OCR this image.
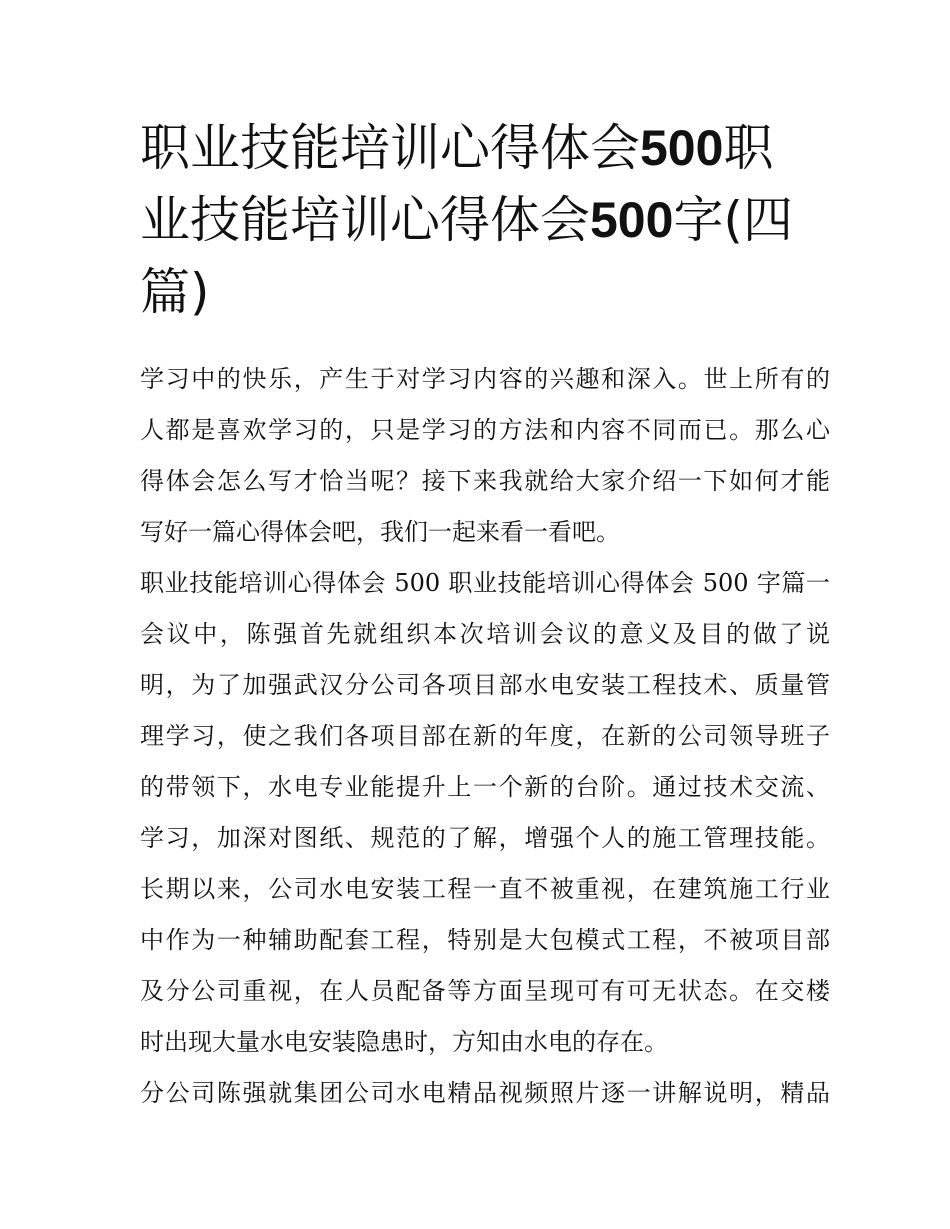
职业技能培训心得体会500职业技能培训心得体会500字(四篇)

学习中的快乐，产生于对学习内容的兴趣和深入。世上所有的

人都是喜欢学习的，只是学习的方法和内容不同而已。那么心

得体会怎么写才恰当呢？接下来我就给大家介绍一下如何才能

写好一篇心得体会吧，我们一起来看一看吧。

职业技能培训心得体会 500 职业技能培训心得体会 500 字篇一

会议中，陈强首先就组织本次培训会议的意义及目的做了说

明，为了加强武汉分公司各项目部水电安装工程技术、质量管

理学习，使之我们各项目部在新的年度，在新的公司领导班子

的带领下，水电专业能提升上一个新的台阶。通过技术交流、

学习，加深对图纸、规范的了解，增强个人的施工管理技能。

长期以来，公司水电安装工程一直不被重视，在建筑施工行业

中作为一种辅助配套工程，特别是大包模式工程，不被项目部

及分公司重视，在人员配备等方面呈现可有可无状态。在交楼

时出现大量水电安装隐患时，方知由水电的存在。

分公司陈强就集团公司水电精品视频照片逐一讲解说明，精品
